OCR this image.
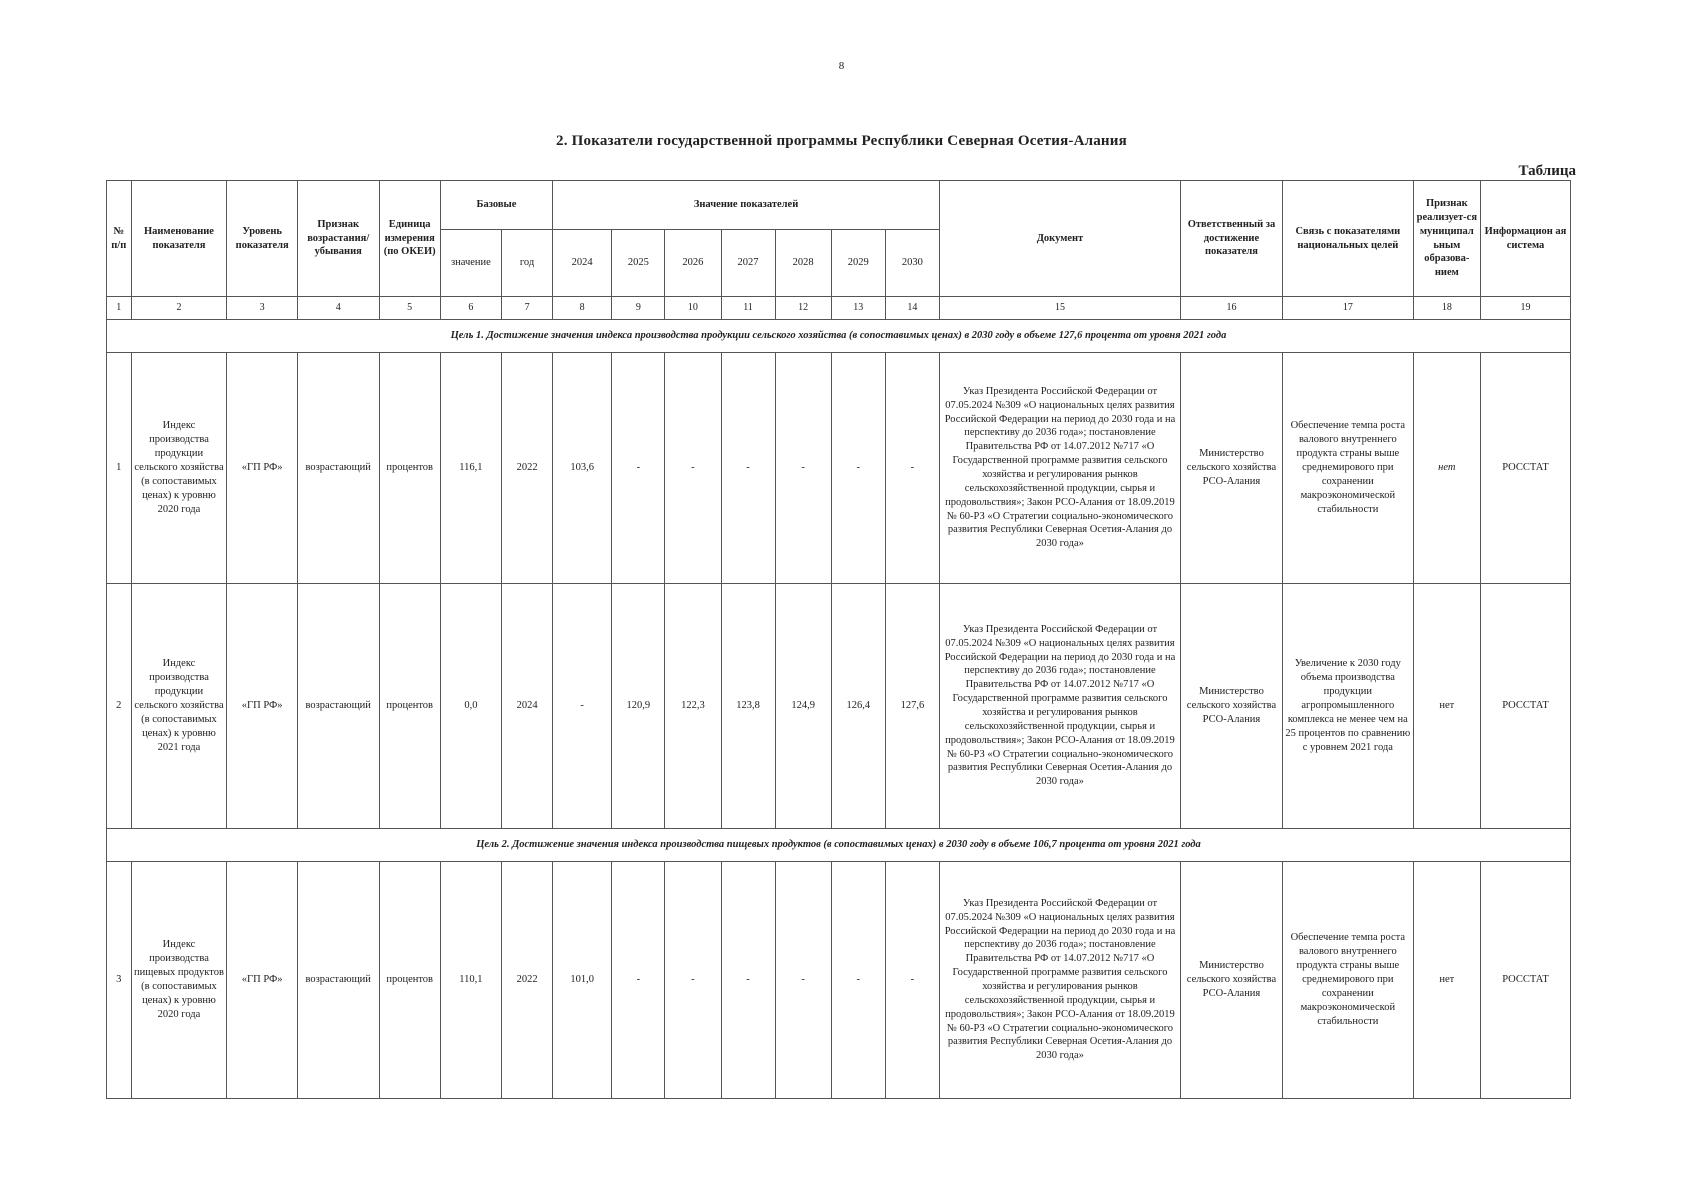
8
2. Показатели государственной программы Республики Северная Осетия-Алания
Таблица
№ п/п	Наименование показателя	Уровень показателя	Признак возрастания/ убывания	Единица измерения (по ОКЕИ)	Базовые		Значение показателей							Документ	Ответственный за достижение показателя	Связь с показателями национальных целей	Признак реализует-ся муниципал ьным образова-нием	Информацион ая система
					значение	год	2024	2025	2026	2027	2028	2029	2030					
1	2	3	4	5	6	7	8	9	10	11	12	13	14	15	16	17	18	19
Цель 1. Достижение значения индекса производства продукции сельского хозяйства (в сопоставимых ценах) в 2030 году в объеме 127,6 процента от уровня 2021 года																		
1	Индекс производства продукции сельского хозяйства (в сопоставимых ценах) к уровню 2020 года	«ГП РФ»	возрастающий	процентов	116,1	2022	103,6	-	-	-	-	-	-	Указ Президента Российской Федерации от 07.05.2024 №309 «О национальных целях развития Российской Федерации на период до 2030 года и на перспективу до 2036 года»; постановление Правительства РФ от 14.07.2012 №717 «О Государственной программе развития сельского хозяйства и регулирования рынков сельскохозяйственной продукции, сырья и продовольствия»; Закон РСО-Алания от 18.09.2019 № 60-РЗ «О Стратегии социально-экономического развития Республики Северная Осетия-Алания до 2030 года»	Министерство сельского хозяйства РСО-Алания	Обеспечение темпа роста валового внутреннего продукта страны выше среднемирового при сохранении макроэкономической стабильности	нет	РОССТАТ
2	Индекс производства продукции сельского хозяйства (в сопоставимых ценах) к уровню 2021 года	«ГП РФ»	возрастающий	процентов	0,0	2024	-	120,9	122,3	123,8	124,9	126,4	127,6	Указ Президента Российской Федерации от 07.05.2024 №309 «О национальных целях развития Российской Федерации на период до 2030 года и на перспективу до 2036 года»; постановление Правительства РФ от 14.07.2012 №717 «О Государственной программе развития сельского хозяйства и регулирования рынков сельскохозяйственной продукции, сырья и продовольствия»; Закон РСО-Алания от 18.09.2019 № 60-РЗ «О Стратегии социально-экономического развития Республики Северная Осетия-Алания до 2030 года»	Министерство сельского хозяйства РСО-Алания	Увеличение к 2030 году объема производства продукции агропромышленного комплекса не менее чем на 25 процентов по сравнению с уровнем 2021 года	нет	РОССТАТ
Цель 2. Достижение значения индекса производства пищевых продуктов (в сопоставимых ценах) в 2030 году в объеме 106,7 процента от уровня 2021 года																		
3	Индекс производства пищевых продуктов (в сопоставимых ценах) к уровню 2020 года	«ГП РФ»	возрастающий	процентов	110,1	2022	101,0	-	-	-	-	-	-	Указ Президента Российской Федерации от 07.05.2024 №309 «О национальных целях развития Российской Федерации на период до 2030 года и на перспективу до 2036 года»; постановление Правительства РФ от 14.07.2012 №717 «О Государственной программе развития сельского хозяйства и регулирования рынков сельскохозяйственной продукции, сырья и продовольствия»; Закон РСО-Алания от 18.09.2019 № 60-РЗ «О Стратегии социально-экономического развития Республики Северная Осетия-Алания до 2030 года»	Министерство сельского хозяйства РСО-Алания	Обеспечение темпа роста валового внутреннего продукта страны выше среднемирового при сохранении макроэкономической стабильности	нет	РОССТАТ
